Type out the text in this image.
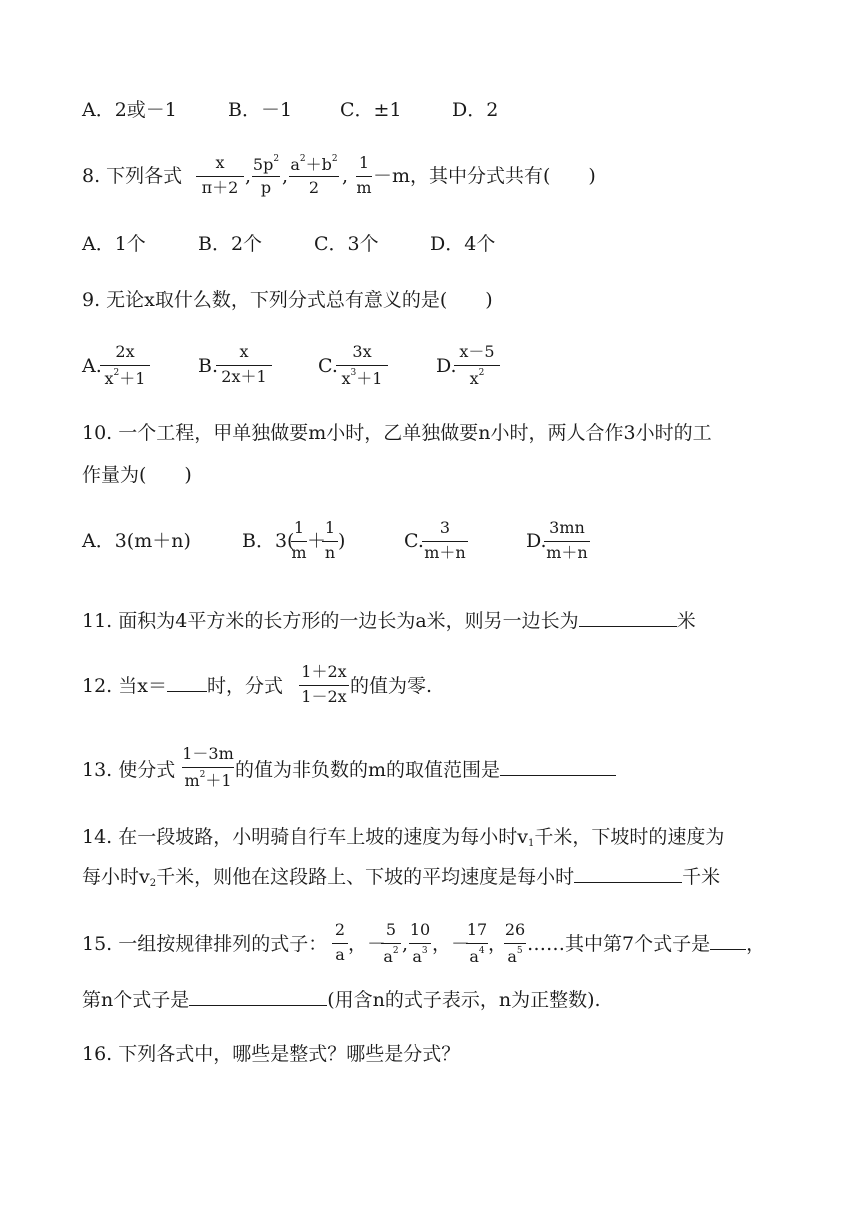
A．2或－1	B．－1	C．±1	D．2
8. 下列各式
x
π＋2
,
$5p^2$
p
,
$a^2+b^2$
2
,
1
m
－m，其中分式共有(　　)
A．1个	B．2个	C．3个	D．4个
9. 无论x取什么数，下列分式总有意义的是(　　)
A.
2x
$x^2+1$
B.
x
2x＋1	C.
3x
$x^3+1$
D.
x－5
$x^2$
10. 一个工程，甲单独做要m小时，乙单独做要n小时，两人合作3小时的工
作量为(　　)
A．3(m＋n)	B．3(
1
m
＋
1
n
)	C.
3
m＋n
D.
3mn
m＋n
11. 面积为4平方米的长方形的一边长为a米，则另一边长为	米
12. 当x＝ 时，分式
1＋2x
1－2x 的值为零.
13. 使分式
1－3m
$m^2+1$ 的值为非负数的m的取值范围是
14. 在一段坡路，小明骑自行车上坡的速度为每小时$v_1$千米，下坡时的速度为
每小时$v_2$千米，则他在这段路上、下坡的平均速度是每小时	千米
15. 一组按规律排列的式子：
2
a ，－
5
$a^2$ ,
10
$a^3$ ，－
17
$a^4$ ，
26
$a^5$ ……其中第7个式子是 ，
第n个式子是	(用含n的式子表示，n为正整数).
16. 下列各式中，哪些是整式？哪些是分式？
